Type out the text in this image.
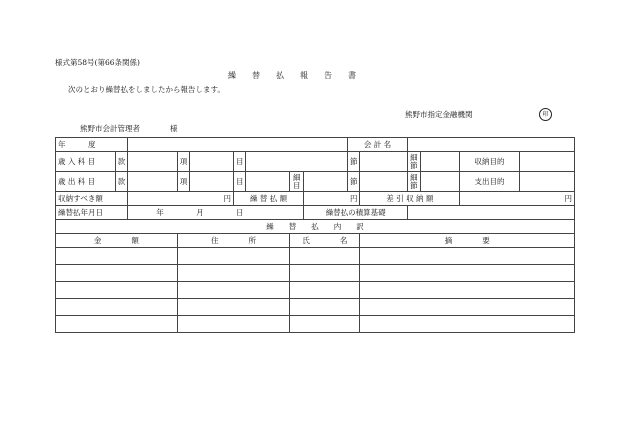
様式第58号(第66条関係)
繰　　替　　払　　報　　告　　書
次のとおり繰替払をしましたから報告します。
熊野市指定金融機関	印
熊野市会計管理者　　　　様
年　　　度									会 計 名					
歳 入 科 目	款		項		目				節		細節		収納目的	
歳 出 科 目	款		項		目		細目		節		細節		支出目的	
収納すべき額		円			繰 替 払 額			円		差 引 収 納 額			円	
繰替払年月日		年 月 日						繰替払の積算基礎						
繰　　替　　払　　内　　訳														
金　　　　額			住　　　　所				氏　　　　名			摘　　　　要				
